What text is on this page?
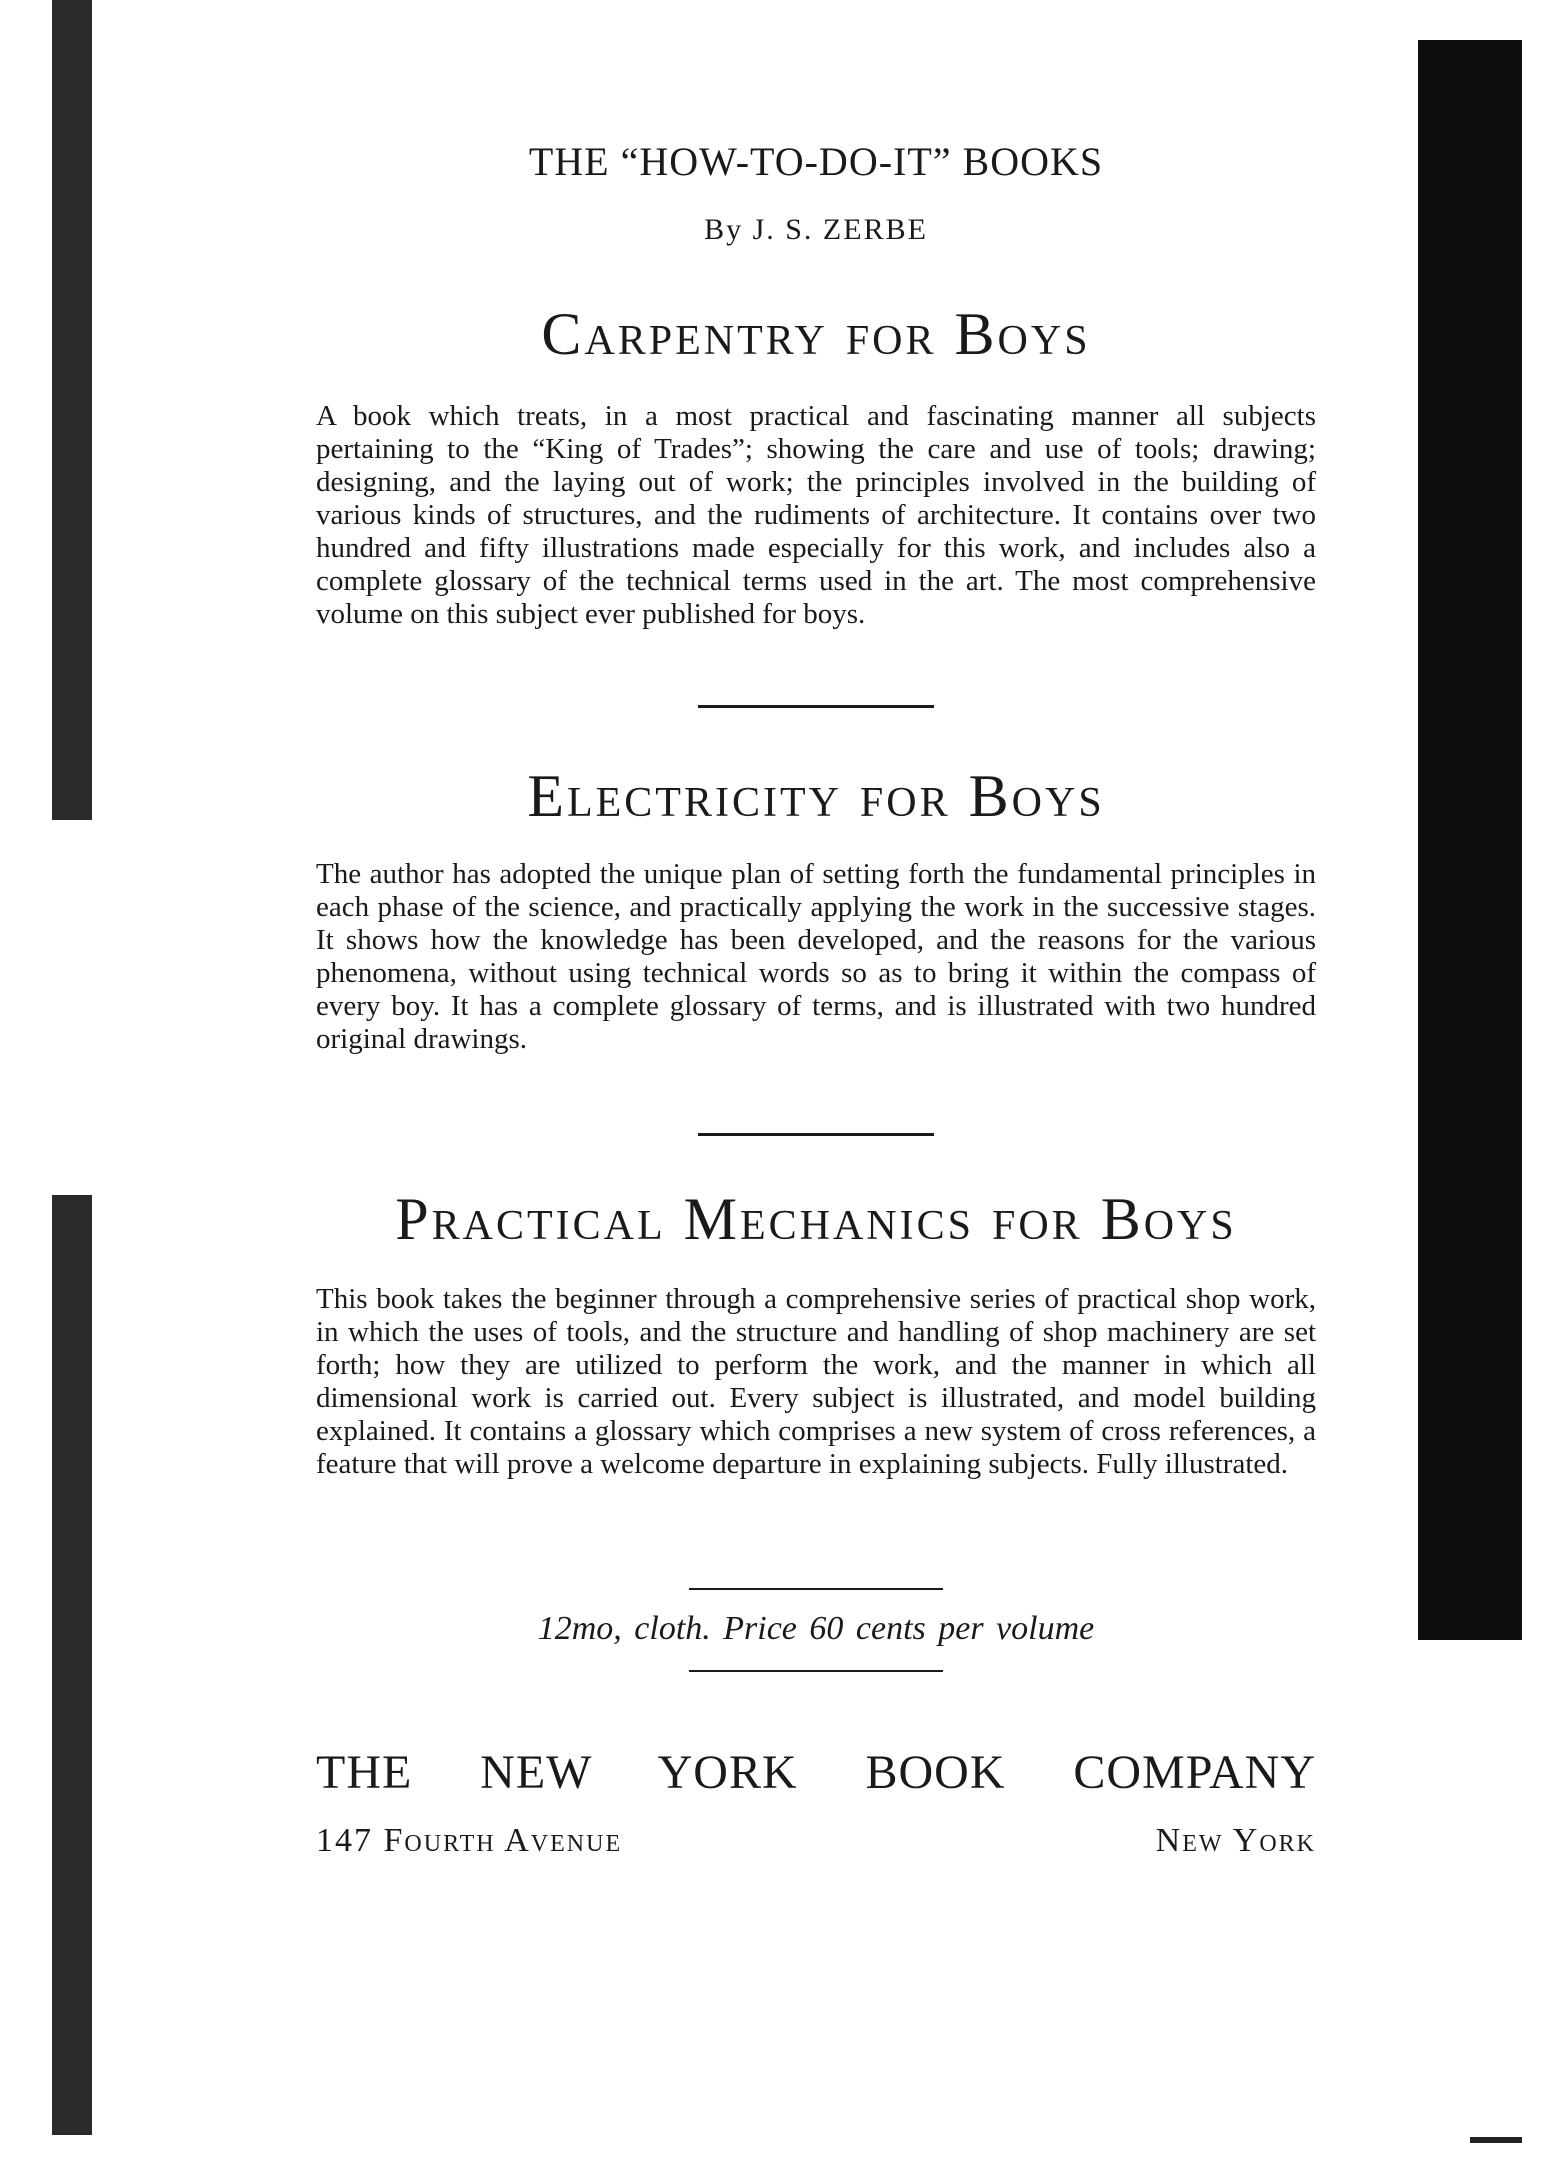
THE “HOW-TO-DO-IT” BOOKS
By J. S. ZERBE
Carpentry for Boys
A book which treats, in a most practical and fascinating manner all subjects pertaining to the “King of Trades”; showing the care and use of tools; drawing; designing, and the laying out of work; the principles involved in the building of various kinds of structures, and the rudiments of architecture. It contains over two hundred and fifty illustrations made especially for this work, and includes also a complete glossary of the technical terms used in the art. The most comprehensive volume on this subject ever published for boys.
Electricity for Boys
The author has adopted the unique plan of setting forth the fundamental principles in each phase of the science, and practically applying the work in the successive stages. It shows how the knowledge has been developed, and the reasons for the various phenomena, without using technical words so as to bring it within the compass of every boy. It has a complete glossary of terms, and is illustrated with two hundred original drawings.
Practical Mechanics for Boys
This book takes the beginner through a comprehensive series of practical shop work, in which the uses of tools, and the structure and handling of shop machinery are set forth; how they are utilized to perform the work, and the manner in which all dimensional work is carried out. Every subject is illustrated, and model building explained. It contains a glossary which comprises a new system of cross references, a feature that will prove a welcome departure in explaining subjects. Fully illustrated.
12mo, cloth. Price 60 cents per volume
THE NEW YORK BOOK COMPANY
147 Fourth Avenue	New York
